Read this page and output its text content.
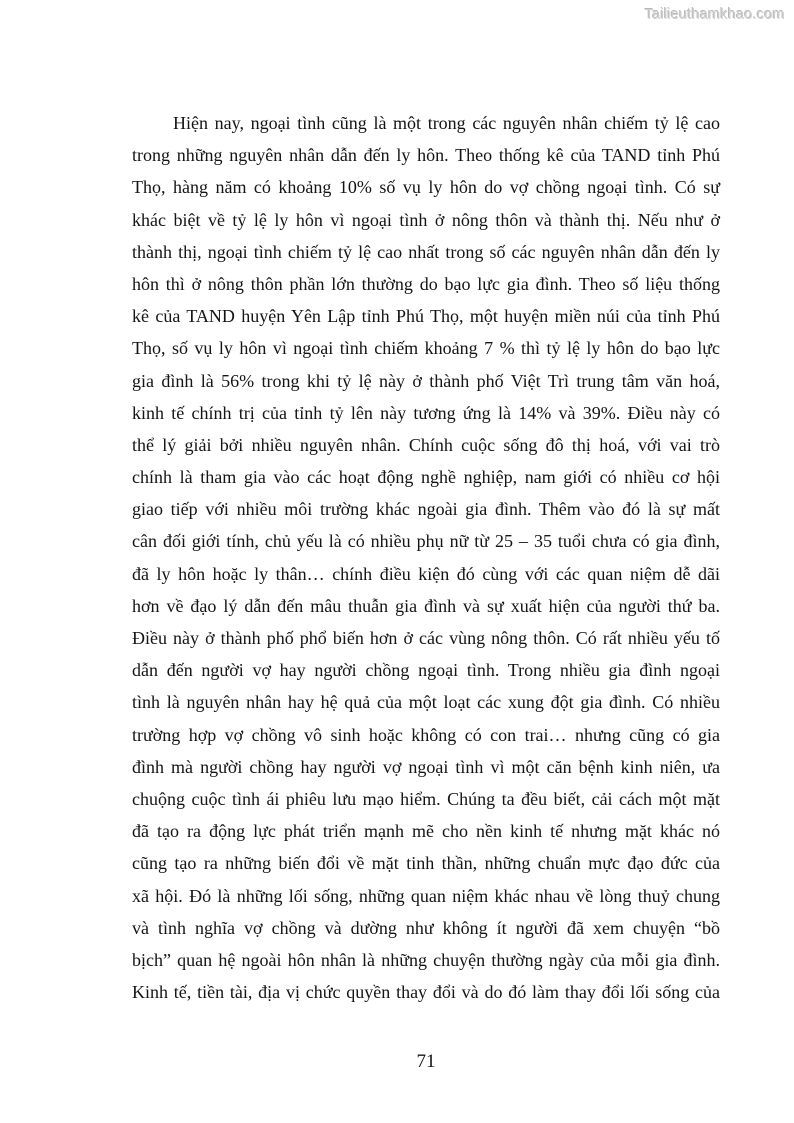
Tailieuthamkhao.com
Hiện nay, ngoại tình cũng là một trong các nguyên nhân chiếm tỷ lệ cao
trong những nguyên nhân dẫn đến ly hôn. Theo thống kê của TAND tỉnh Phú
Thọ, hàng năm có khoảng 10% số vụ ly hôn do vợ chồng ngoại tình. Có sự
khác biệt về tỷ lệ ly hôn vì ngoại tình ở nông thôn và thành thị. Nếu như ở
thành thị, ngoại tình chiếm tỷ lệ cao nhất trong số các nguyên nhân dẫn đến ly
hôn thì ở nông thôn phần lớn thường do bạo lực gia đình. Theo số liệu thống
kê của TAND huyện Yên Lập tỉnh Phú Thọ, một huyện miền núi của tỉnh Phú
Thọ, số vụ ly hôn vì ngoại tình chiếm khoảng 7 % thì tỷ lệ ly hôn do bạo lực
gia đình là 56% trong khi tỷ lệ này ở thành phố Việt Trì trung tâm văn hoá,
kinh tế chính trị của tỉnh tỷ lên này tương ứng là 14% và 39%. Điều này có
thể lý giải bởi nhiều nguyên nhân. Chính cuộc sống đô thị hoá, với vai trò
chính là tham gia vào các hoạt động nghề nghiệp, nam giới có nhiều cơ hội
giao tiếp với nhiều môi trường khác ngoài gia đình. Thêm vào đó là sự mất
cân đối giới tính, chủ yếu là có nhiều phụ nữ từ 25 – 35 tuổi chưa có gia đình,
đã ly hôn hoặc ly thân… chính điều kiện đó cùng với các quan niệm dễ dãi
hơn về đạo lý dẫn đến mâu thuẫn gia đình và sự xuất hiện của người thứ ba.
Điều này ở thành phố phổ biến hơn ở các vùng nông thôn. Có rất nhiều yếu tố
dẫn đến người vợ hay người chồng ngoại tình. Trong nhiều gia đình ngoại
tình là nguyên nhân hay hệ quả của một loạt các xung đột gia đình. Có nhiều
trường hợp vợ chồng vô sinh hoặc không có con trai… nhưng cũng có gia
đình mà người chồng hay người vợ ngoại tình vì một căn bệnh kinh niên, ưa
chuộng cuộc tình ái phiêu lưu mạo hiểm. Chúng ta đều biết, cải cách một mặt
đã tạo ra động lực phát triển mạnh mẽ cho nền kinh tế nhưng mặt khác nó
cũng tạo ra những biến đổi về mặt tinh thần, những chuẩn mực đạo đức của
xã hội. Đó là những lối sống, những quan niệm khác nhau về lòng thuỷ chung
và tình nghĩa vợ chồng và dường như không ít người đã xem chuyện “bồ
bịch” quan hệ ngoài hôn nhân là những chuyện thường ngày của mỗi gia đình.
Kinh tế, tiền tài, địa vị chức quyền thay đổi và do đó làm thay đổi lối sống của
71
